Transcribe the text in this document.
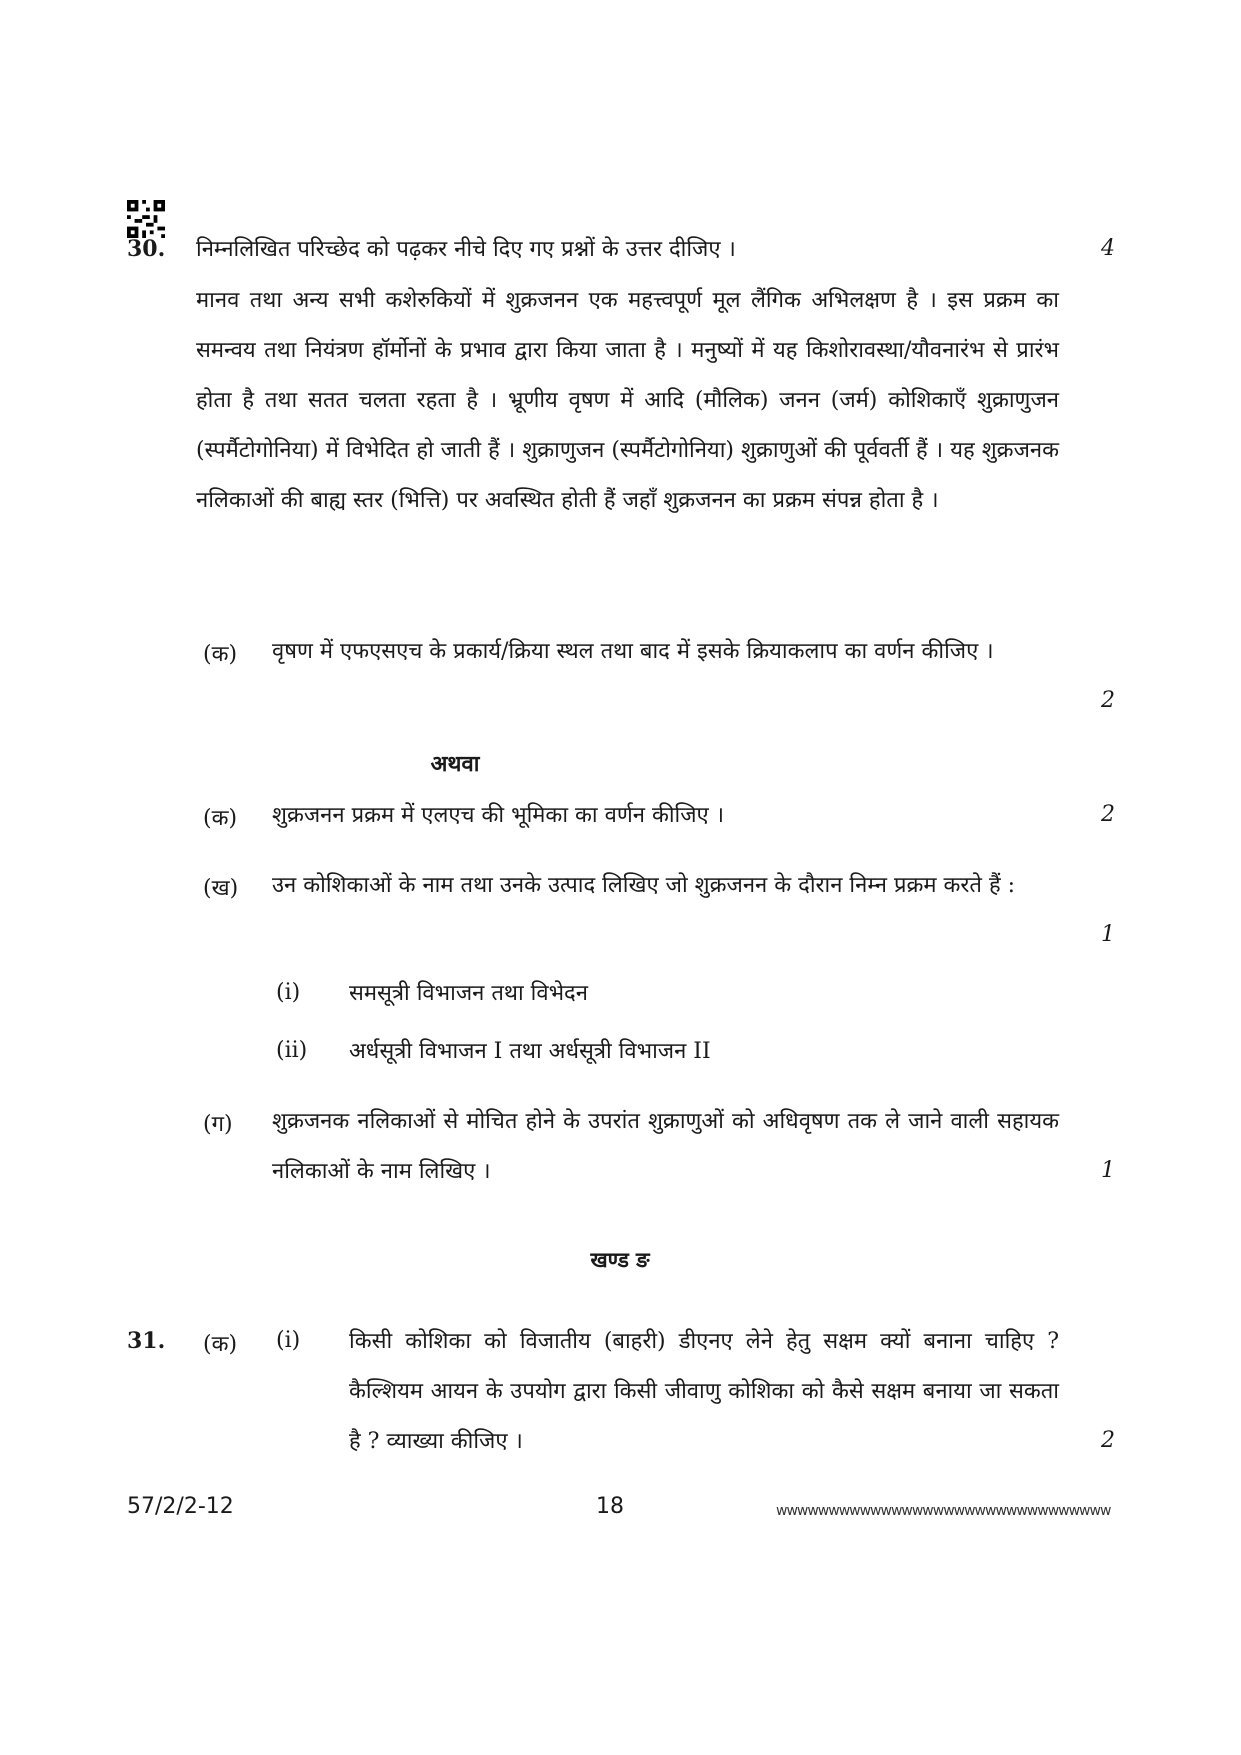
30. निम्नलिखित परिच्छेद को पढ़कर नीचे दिए गए प्रश्नों के उत्तर दीजिए ।	4
मानव तथा अन्य सभी कशेरुकियों में शुक्रजनन एक महत्त्वपूर्ण मूल लैंगिक अभिलक्षण है । इस प्रक्रम का समन्वय तथा नियंत्रण हॉर्मोनों के प्रभाव द्वारा किया जाता है । मनुष्यों में यह किशोरावस्था/यौवनारंभ से प्रारंभ होता है तथा सतत चलता रहता है । भ्रूणीय वृषण में आदि (मौलिक) जनन (जर्म) कोशिकाएँ शुक्राणुजन (स्पर्मैटोगोनिया) में विभेदित हो जाती हैं । शुक्राणुजन (स्पर्मैटोगोनिया) शुक्राणुओं की पूर्ववर्ती हैं । यह शुक्रजनक नलिकाओं की बाह्य स्तर (भित्ति) पर अवस्थित होती हैं जहाँ शुक्रजनन का प्रक्रम संपन्न होता है ।
(क) वृषण में एफएसएच के प्रकार्य/क्रिया स्थल तथा बाद में इसके क्रियाकलाप का वर्णन कीजिए ।
2
अथवा
(क) शुक्रजनन प्रक्रम में एलएच की भूमिका का वर्णन कीजिए ।	2
(ख) उन कोशिकाओं के नाम तथा उनके उत्पाद लिखिए जो शुक्रजनन के दौरान निम्न प्रक्रम करते हैं :
1
(i) समसूत्री विभाजन तथा विभेदन
(ii) अर्धसूत्री विभाजन I तथा अर्धसूत्री विभाजन II
(ग) शुक्रजनक नलिकाओं से मोचित होने के उपरांत शुक्राणुओं को अधिवृषण तक ले जाने वाली सहायक नलिकाओं के नाम लिखिए ।	1
खण्ड ङ
31. (क) (i) किसी कोशिका को विजातीय (बाहरी) डीएनए लेने हेतु सक्षम क्यों बनाना चाहिए ? कैल्शियम आयन के उपयोग द्वारा किसी जीवाणु कोशिका को कैसे सक्षम बनाया जा सकता है ? व्याख्या कीजिए ।	2
57/2/2-12	18	ᴡᴡᴡᴡᴡᴡᴡᴡᴡᴡᴡᴡᴡᴡᴡᴡᴡᴡᴡᴡᴡᴡᴡᴡᴡᴡᴡᴡᴡᴡᴡᴡ
